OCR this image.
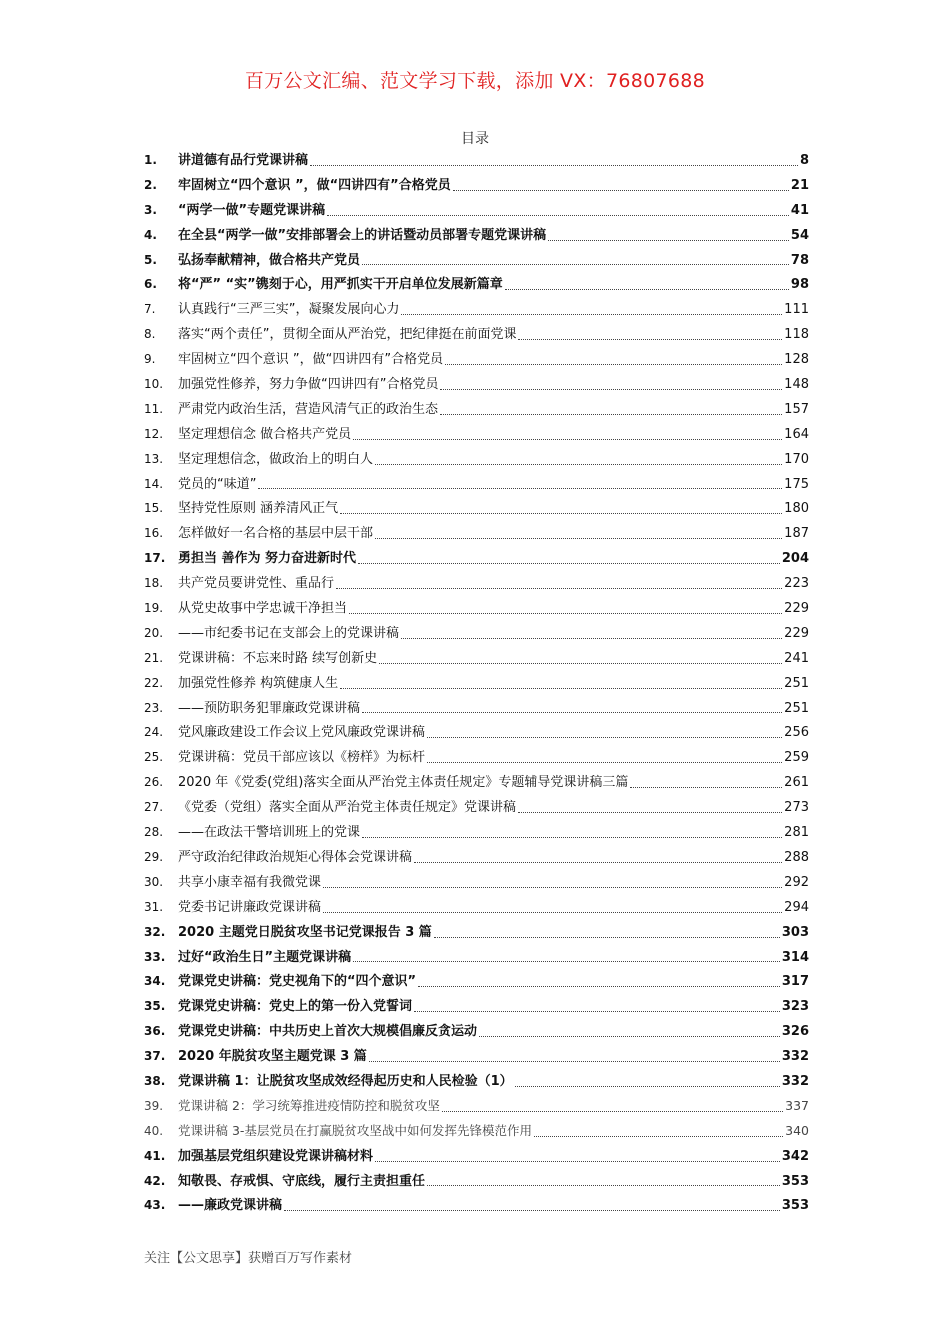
百万公文汇编、范文学习下载，添加 VX：76807688
目录
1.	讲道德有品行党课讲稿	8
2.	牢固树立“四个意识 ”，做“四讲四有”合格党员	21
3.	“两学一做”专题党课讲稿	41
4.	在全县“两学一做”安排部署会上的讲话暨动员部署专题党课讲稿	54
5.	弘扬奉献精神，做合格共产党员	78
6.	将“严” “实”镌刻于心，用严抓实干开启单位发展新篇章	98
7.	认真践行“三严三实”，凝聚发展向心力	111
8.	落实“两个责任”，贯彻全面从严治党，把纪律挺在前面党课	118
9.	牢固树立“四个意识 ”，做“四讲四有”合格党员	128
10.	加强党性修养，努力争做“四讲四有”合格党员	148
11.	严肃党内政治生活，营造风清气正的政治生态	157
12.	坚定理想信念 做合格共产党员	164
13.	坚定理想信念，做政治上的明白人	170
14.	党员的“味道”	175
15.	坚持党性原则 涵养清风正气	180
16.	怎样做好一名合格的基层中层干部	187
17. 勇担当 善作为 努力奋进新时代	204
18.	共产党员要讲党性、重品行	223
19.	从党史故事中学忠诚干净担当	229
20.	——市纪委书记在支部会上的党课讲稿	229
21.	党课讲稿：不忘来时路 续写创新史	241
22.	加强党性修养 构筑健康人生	251
23.	——预防职务犯罪廉政党课讲稿	251
24.	党风廉政建设工作会议上党风廉政党课讲稿	256
25.	党课讲稿：党员干部应该以《榜样》为标杆	259
26.	2020 年《党委(党组)落实全面从严治党主体责任规定》专题辅导党课讲稿三篇	261
27.	《党委（党组）落实全面从严治党主体责任规定》党课讲稿	273
28.	——在政法干警培训班上的党课	281
29.	严守政治纪律政治规矩心得体会党课讲稿	288
30.	共享小康幸福有我微党课	292
31.	党委书记讲廉政党课讲稿	294
32. 2020 主题党日脱贫攻坚书记党课报告 3 篇	303
33. 过好“政治生日”主题党课讲稿	314
34. 党课党史讲稿：党史视角下的“四个意识”	317
35. 党课党史讲稿：党史上的第一份入党誓词	323
36. 党课党史讲稿：中共历史上首次大规模倡廉反贪运动	326
37. 2020 年脱贫攻坚主题党课 3 篇	332
38. 党课讲稿 1：让脱贫攻坚成效经得起历史和人民检验（1）	332
39.	党课讲稿 2：学习统筹推进疫情防控和脱贫攻坚	337
40.	党课讲稿 3-基层党员在打赢脱贫攻坚战中如何发挥先锋模范作用	340
41. 加强基层党组织建设党课讲稿材料	342
42. 知敬畏、存戒惧、守底线，履行主责担重任	353
43. ——廉政党课讲稿	353
关注【公文思享】获赠百万写作素材
